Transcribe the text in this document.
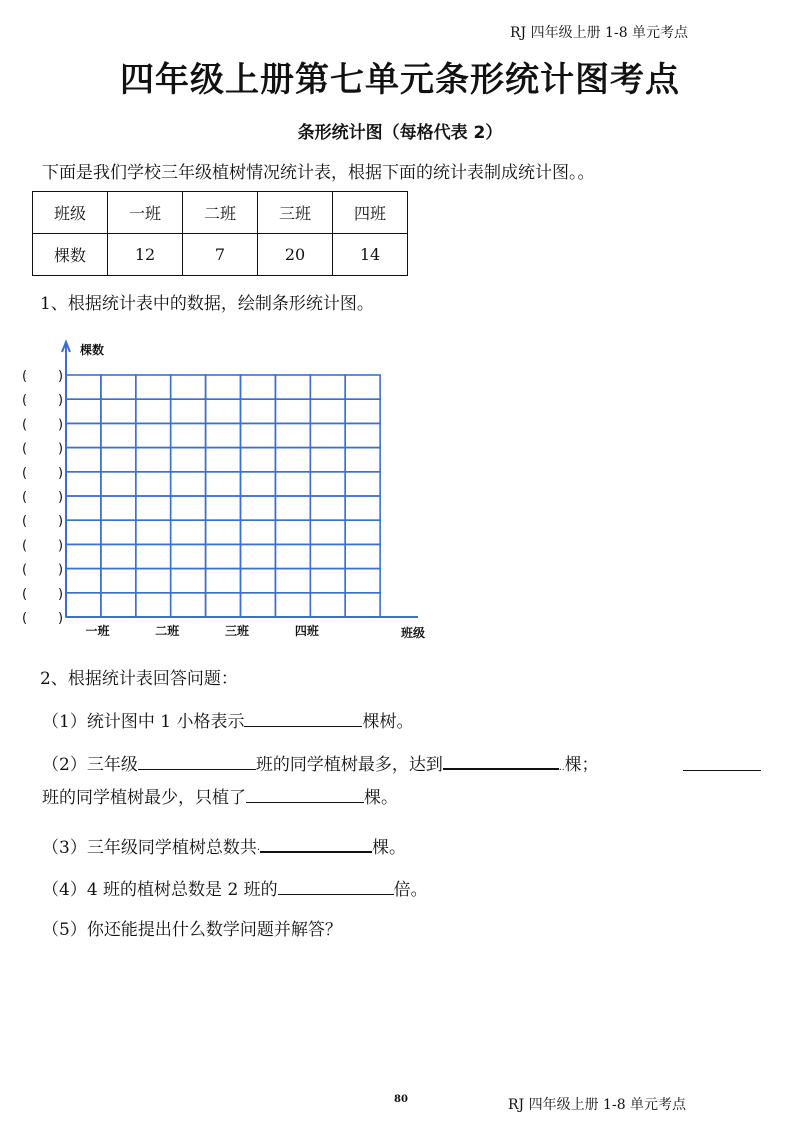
RJ 四年级上册 1-8 单元考点
四年级上册第七单元条形统计图考点
条形统计图（每格代表 2）
下面是我们学校三年级植树情况统计表，根据下面的统计表制成统计图。。
班级	一班	二班	三班	四班
棵数	12	7	20	14
1、根据统计表中的数据，绘制条形统计图。
棵数
班级
一班	二班	三班	四班
( )
( )
( )
( )
( )
( )
( )
( )
( )
( )
( )
2、根据统计表回答问题：
（1）统计图中 1 小格表示	棵树。
（2）三年级	班的同学植树最多，达到	..棵；
班的同学植树最少，只植了	棵。
（3）三年级同学植树总数共·	棵。
（4）4 班的植树总数是 2 班的	倍。
（5）你还能提出什么数学问题并解答？
80	RJ 四年级上册 1-8 单元考点
